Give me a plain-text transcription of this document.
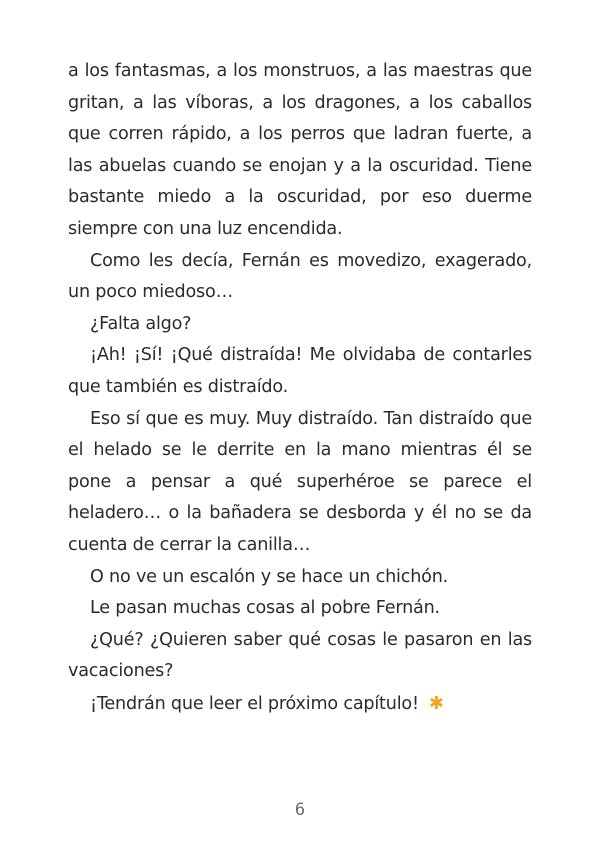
a los fantasmas, a los monstruos, a las maestras que gritan, a las víboras, a los dragones, a los caballos que corren rápido, a los perros que ladran fuerte, a las abuelas cuando se enojan y a la oscuridad. Tiene bastante miedo a la oscuridad, por eso duerme siempre con una luz encendida.

Como les decía, Fernán es movedizo, exagerado, un poco miedoso…

¿Falta algo?

¡Ah! ¡Sí! ¡Qué distraída! Me olvidaba de contarles que también es distraído.

Eso sí que es muy. Muy distraído. Tan distraído que el helado se le derrite en la mano mientras él se pone a pensar a qué superhéroe se parece el heladero… o la bañadera se desborda y él no se da cuenta de cerrar la canilla…

O no ve un escalón y se hace un chichón.

Le pasan muchas cosas al pobre Fernán.

¿Qué? ¿Quieren saber qué cosas le pasaron en las vacaciones?

¡Tendrán que leer el próximo capítulo! ✱

6
